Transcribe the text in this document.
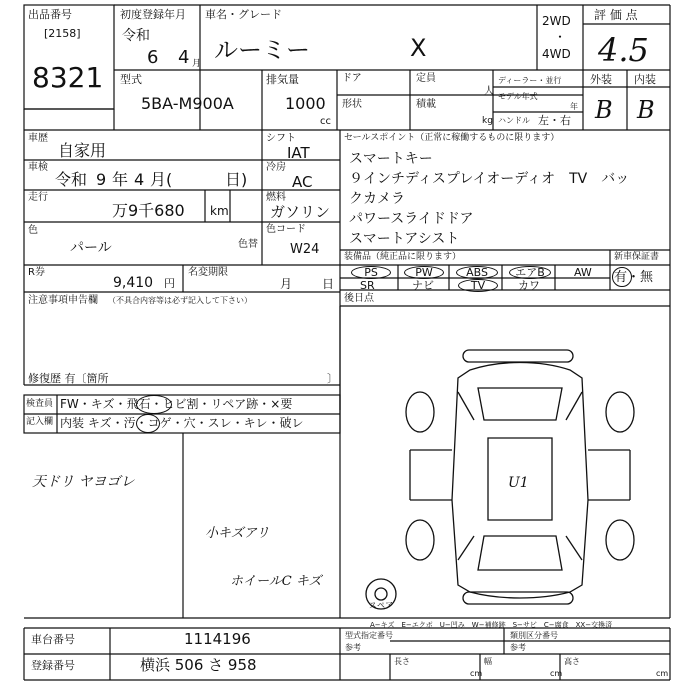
出品番号
[2158]
8321
初度登録年月
令和
6 4 月
車名・グレード
ルーミー	X
2WD
・
4WD
評 価 点
4.5
型式
5BA-M900A
排気量
1000
cc
ドア	定員
人
形状	積載
kg
ディーラー・並行
モデル年式
年
ハンドル 左・右
外装 内装
B B
車歴
自家用
シフト
IAT
車検
令和 9 年 4 月(	日)
冷房
AC
走行
万9千680 km
燃料
ガソリン
色
パール	色替
色コード
W24
R券
9,410 円
名変期限
月 日
セールスポイント（正常に稼働するものに限ります）
スマートキー
９インチディスプレイオーディオ　TV　バッ
クカメラ
パワースライドドア
スマートアシスト
装備品（純正品に限ります）	新車保証書
PS	PW	ABS	エアB	AW
SR	ナビ	TV	カワ
有・無
注意事項申告欄 （不具合内容等は必ず記入して下さい）
修復歴 有〔箇所	〕
後日点
検査員
記入欄
FW・キズ・飛石・ヒビ割・リペア跡・×要
内装 キズ・汚・コゲ・穴・スレ・キレ・破レ
天ドリ ヤヨゴレ
小キズアリ
ホイールC キズ
U1
スペア
A−キズ　E−エクボ　U−凹み　W−補修跡　S−サビ　C−腐食　XX−交換済
車台番号	1114196
登録番号	横浜 506 さ 958
型式指定番号
参考
類別区分番号
参考
長さ
cm
幅
cm
高さ
cm
